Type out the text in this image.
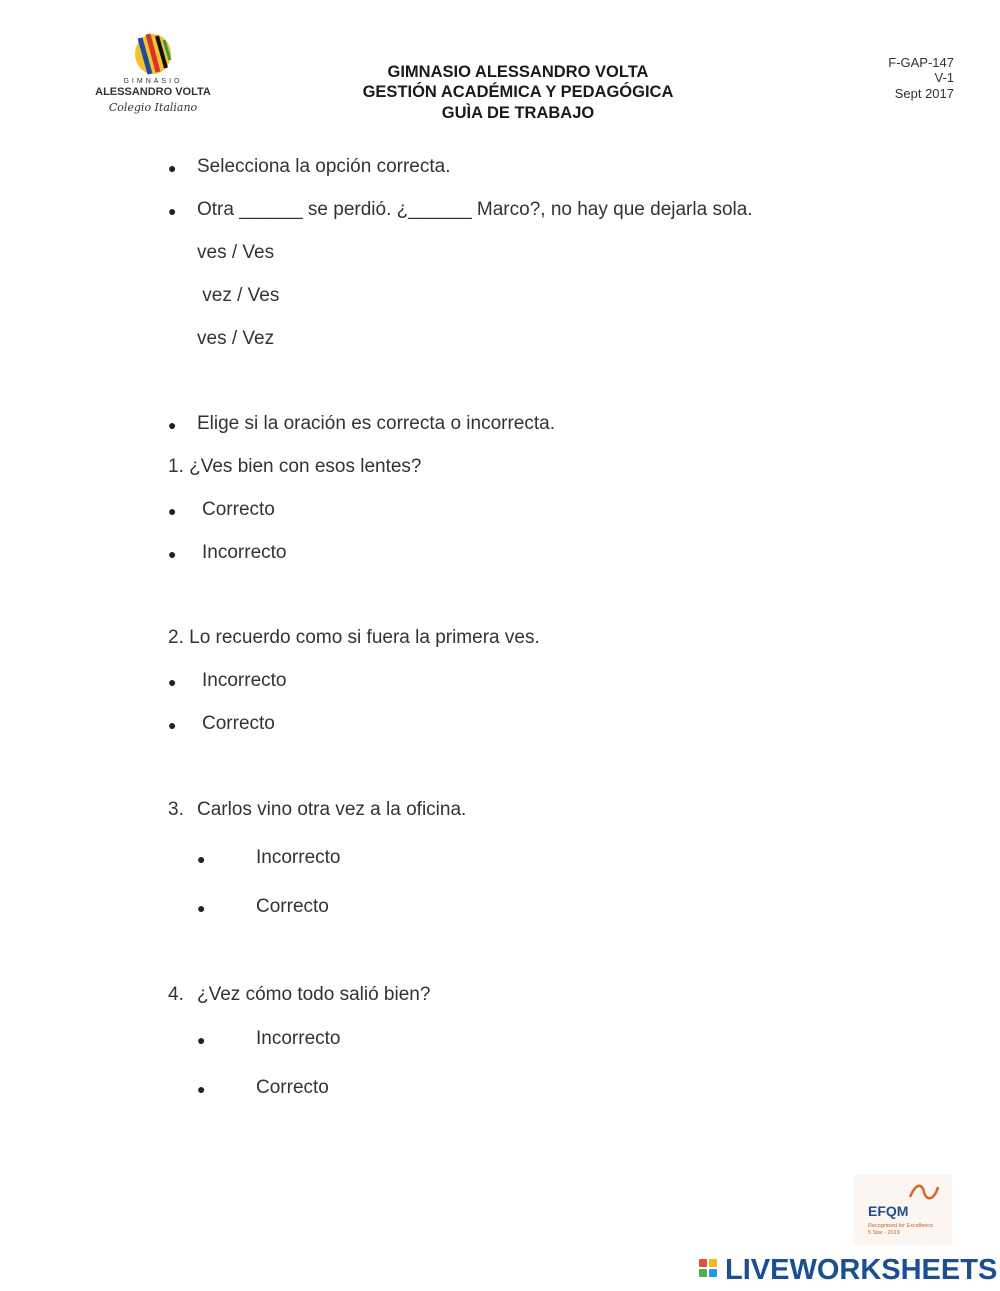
GIMNASIO
ALESSANDRO VOLTA
Colegio Italiano
GIMNASIO ALESSANDRO VOLTA
GESTIÓN ACADÉMICA Y PEDAGÓGICA
GUÌA DE TRABAJO
F-GAP-147
V-1
Sept 2017
● Selecciona la opción correcta.
● Otra ______ se perdió. ¿______ Marco?, no hay que dejarla sola.
ves / Ves
vez / Ves
ves / Vez
● Elige si la oración es correcta o incorrecta.
1. ¿Ves bien con esos lentes?
● Correcto
● Incorrecto
2. Lo recuerdo como si fuera la primera ves.
● Incorrecto
● Correcto
3. Carlos vino otra vez a la oficina.
●	Incorrecto
●	Correcto
4. ¿Vez cómo todo salió bien?
●	Incorrecto
●	Correcto
EFQM
Recognised for Excellence
5 Star - 2019
LIVEWORKSHEETS
